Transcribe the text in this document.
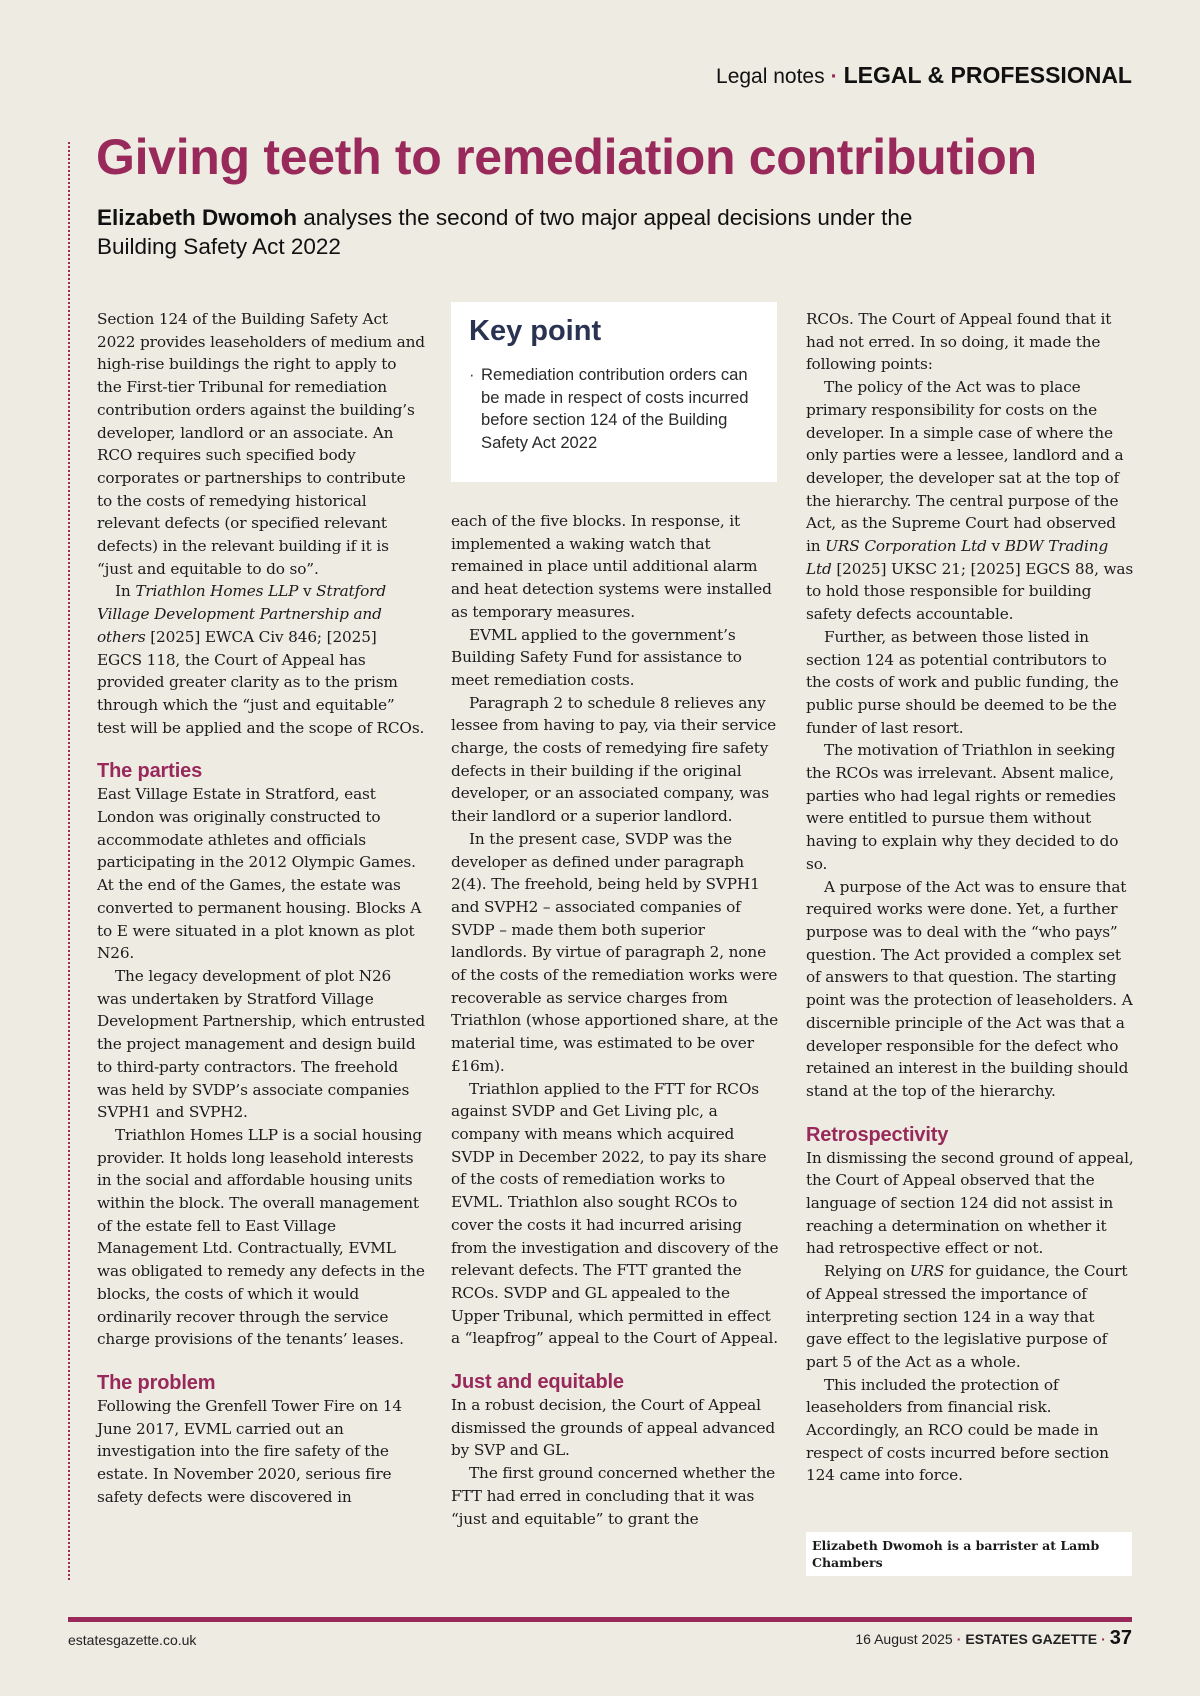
Legal notes · LEGAL & PROFESSIONAL
Giving teeth to remediation contribution

Elizabeth Dwomoh analyses the second of two major appeal decisions under the Building Safety Act 2022

Section 124 of the Building Safety Act 2022 provides leaseholders of medium and high-rise buildings the right to apply to the First-tier Tribunal for remediation contribution orders against the building’s developer, landlord or an associate. An RCO requires such specified body corporates or partnerships to contribute to the costs of remedying historical relevant defects (or specified relevant defects) in the relevant building if it is “just and equitable to do so”.

In Triathlon Homes LLP v Stratford Village Development Partnership and others [2025] EWCA Civ 846; [2025] EGCS 118, the Court of Appeal has provided greater clarity as to the prism through which the “just and equitable” test will be applied and the scope of RCOs.

The parties

East Village Estate in Stratford, east London was originally constructed to accommodate athletes and officials participating in the 2012 Olympic Games. At the end of the Games, the estate was converted to permanent housing. Blocks A to E were situated in a plot known as plot N26.

The legacy development of plot N26 was undertaken by Stratford Village Development Partnership, which entrusted the project management and design build to third-party contractors. The freehold was held by SVDP’s associate companies SVPH1 and SVPH2.

Triathlon Homes LLP is a social housing provider. It holds long leasehold interests in the social and affordable housing units within the block. The overall management of the estate fell to East Village Management Ltd. Contractually, EVML was obligated to remedy any defects in the blocks, the costs of which it would ordinarily recover through the service charge provisions of the tenants’ leases.

The problem

Following the Grenfell Tower Fire on 14 June 2017, EVML carried out an investigation into the fire safety of the estate. In November 2020, serious fire safety defects were discovered in

Key point
· Remediation contribution orders can be made in respect of costs incurred before section 124 of the Building Safety Act 2022

each of the five blocks. In response, it implemented a waking watch that remained in place until additional alarm and heat detection systems were installed as temporary measures.

EVML applied to the government’s Building Safety Fund for assistance to meet remediation costs.

Paragraph 2 to schedule 8 relieves any lessee from having to pay, via their service charge, the costs of remedying fire safety defects in their building if the original developer, or an associated company, was their landlord or a superior landlord.

In the present case, SVDP was the developer as defined under paragraph 2(4). The freehold, being held by SVPH1 and SVPH2 – associated companies of SVDP – made them both superior landlords. By virtue of paragraph 2, none of the costs of the remediation works were recoverable as service charges from Triathlon (whose apportioned share, at the material time, was estimated to be over £16m).

Triathlon applied to the FTT for RCOs against SVDP and Get Living plc, a company with means which acquired SVDP in December 2022, to pay its share of the costs of remediation works to EVML. Triathlon also sought RCOs to cover the costs it had incurred arising from the investigation and discovery of the relevant defects. The FTT granted the RCOs. SVDP and GL appealed to the Upper Tribunal, which permitted in effect a “leapfrog” appeal to the Court of Appeal.

Just and equitable

In a robust decision, the Court of Appeal dismissed the grounds of appeal advanced by SVP and GL.

The first ground concerned whether the FTT had erred in concluding that it was “just and equitable” to grant the

RCOs. The Court of Appeal found that it had not erred. In so doing, it made the following points:

The policy of the Act was to place primary responsibility for costs on the developer. In a simple case of where the only parties were a lessee, landlord and a developer, the developer sat at the top of the hierarchy. The central purpose of the Act, as the Supreme Court had observed in URS Corporation Ltd v BDW Trading Ltd [2025] UKSC 21; [2025] EGCS 88, was to hold those responsible for building safety defects accountable.

Further, as between those listed in section 124 as potential contributors to the costs of work and public funding, the public purse should be deemed to be the funder of last resort.

The motivation of Triathlon in seeking the RCOs was irrelevant. Absent malice, parties who had legal rights or remedies were entitled to pursue them without having to explain why they decided to do so.

A purpose of the Act was to ensure that required works were done. Yet, a further purpose was to deal with the “who pays” question. The Act provided a complex set of answers to that question. The starting point was the protection of leaseholders. A discernible principle of the Act was that a developer responsible for the defect who retained an interest in the building should stand at the top of the hierarchy.

Retrospectivity

In dismissing the second ground of appeal, the Court of Appeal observed that the language of section 124 did not assist in reaching a determination on whether it had retrospective effect or not.

Relying on URS for guidance, the Court of Appeal stressed the importance of interpreting section 124 in a way that gave effect to the legislative purpose of part 5 of the Act as a whole.

This included the protection of leaseholders from financial risk. Accordingly, an RCO could be made in respect of costs incurred before section 124 came into force.

Elizabeth Dwomoh is a barrister at Lamb Chambers
estatesgazette.co.uk	16 August 2025 · ESTATES GAZETTE · 37
